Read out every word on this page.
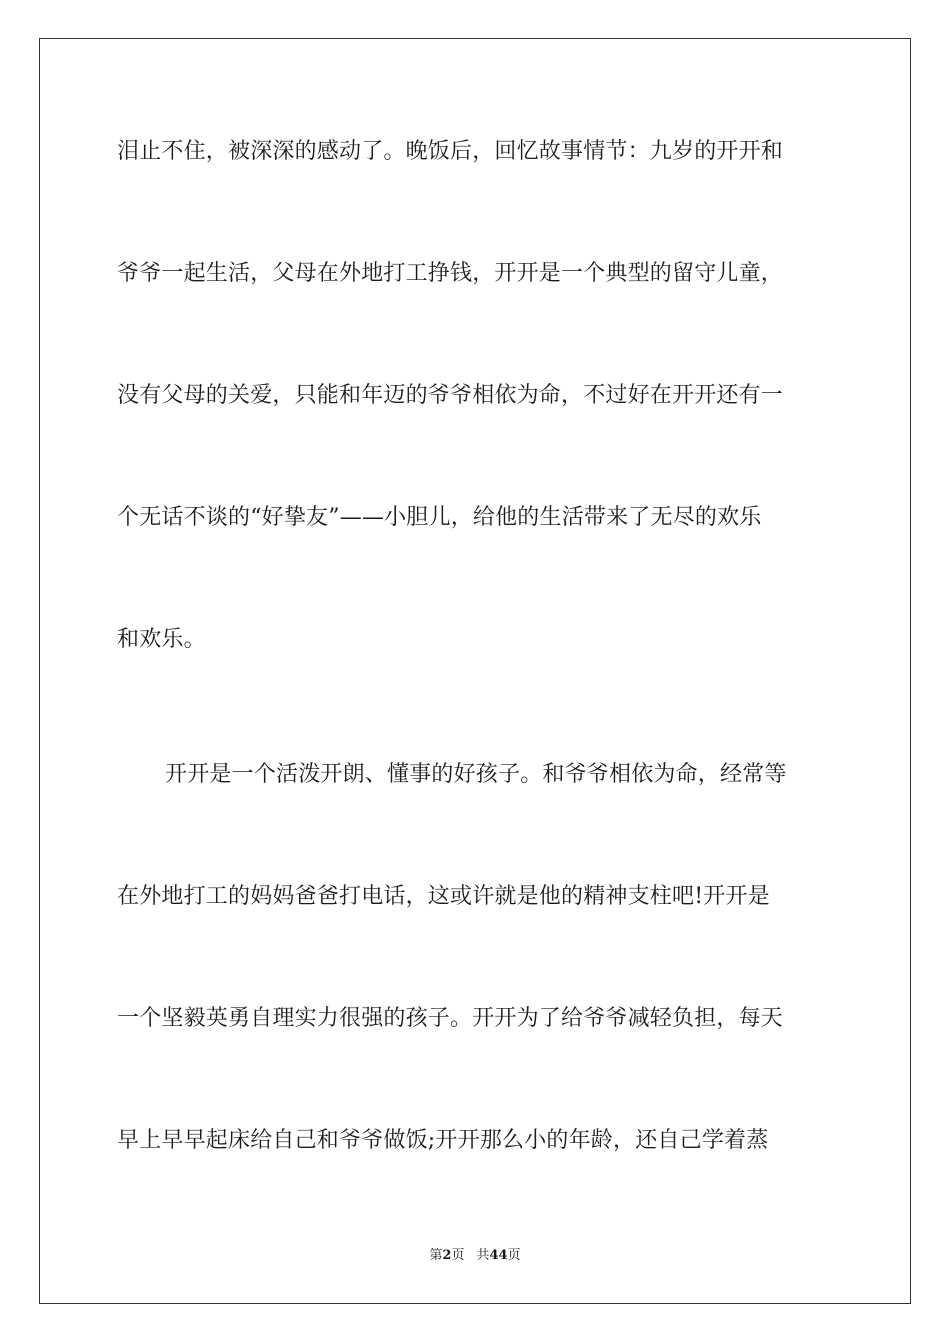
泪止不住，被深深的感动了。晚饭后，回忆故事情节：九岁的开开和
爷爷一起生活，父母在外地打工挣钱，开开是一个典型的留守儿童，
没有父母的关爱，只能和年迈的爷爷相依为命，不过好在开开还有一
个无话不谈的“好挚友”——小胆儿，给他的生活带来了无尽的欢乐
和欢乐。
开开是一个活泼开朗、懂事的好孩子。和爷爷相依为命，经常等
在外地打工的妈妈爸爸打电话，这或许就是他的精神支柱吧!开开是
一个坚毅英勇自理实力很强的孩子。开开为了给爷爷减轻负担，每天
早上早早起床给自己和爷爷做饭;开开那么小的年龄，还自己学着蒸
第2页 共44页
